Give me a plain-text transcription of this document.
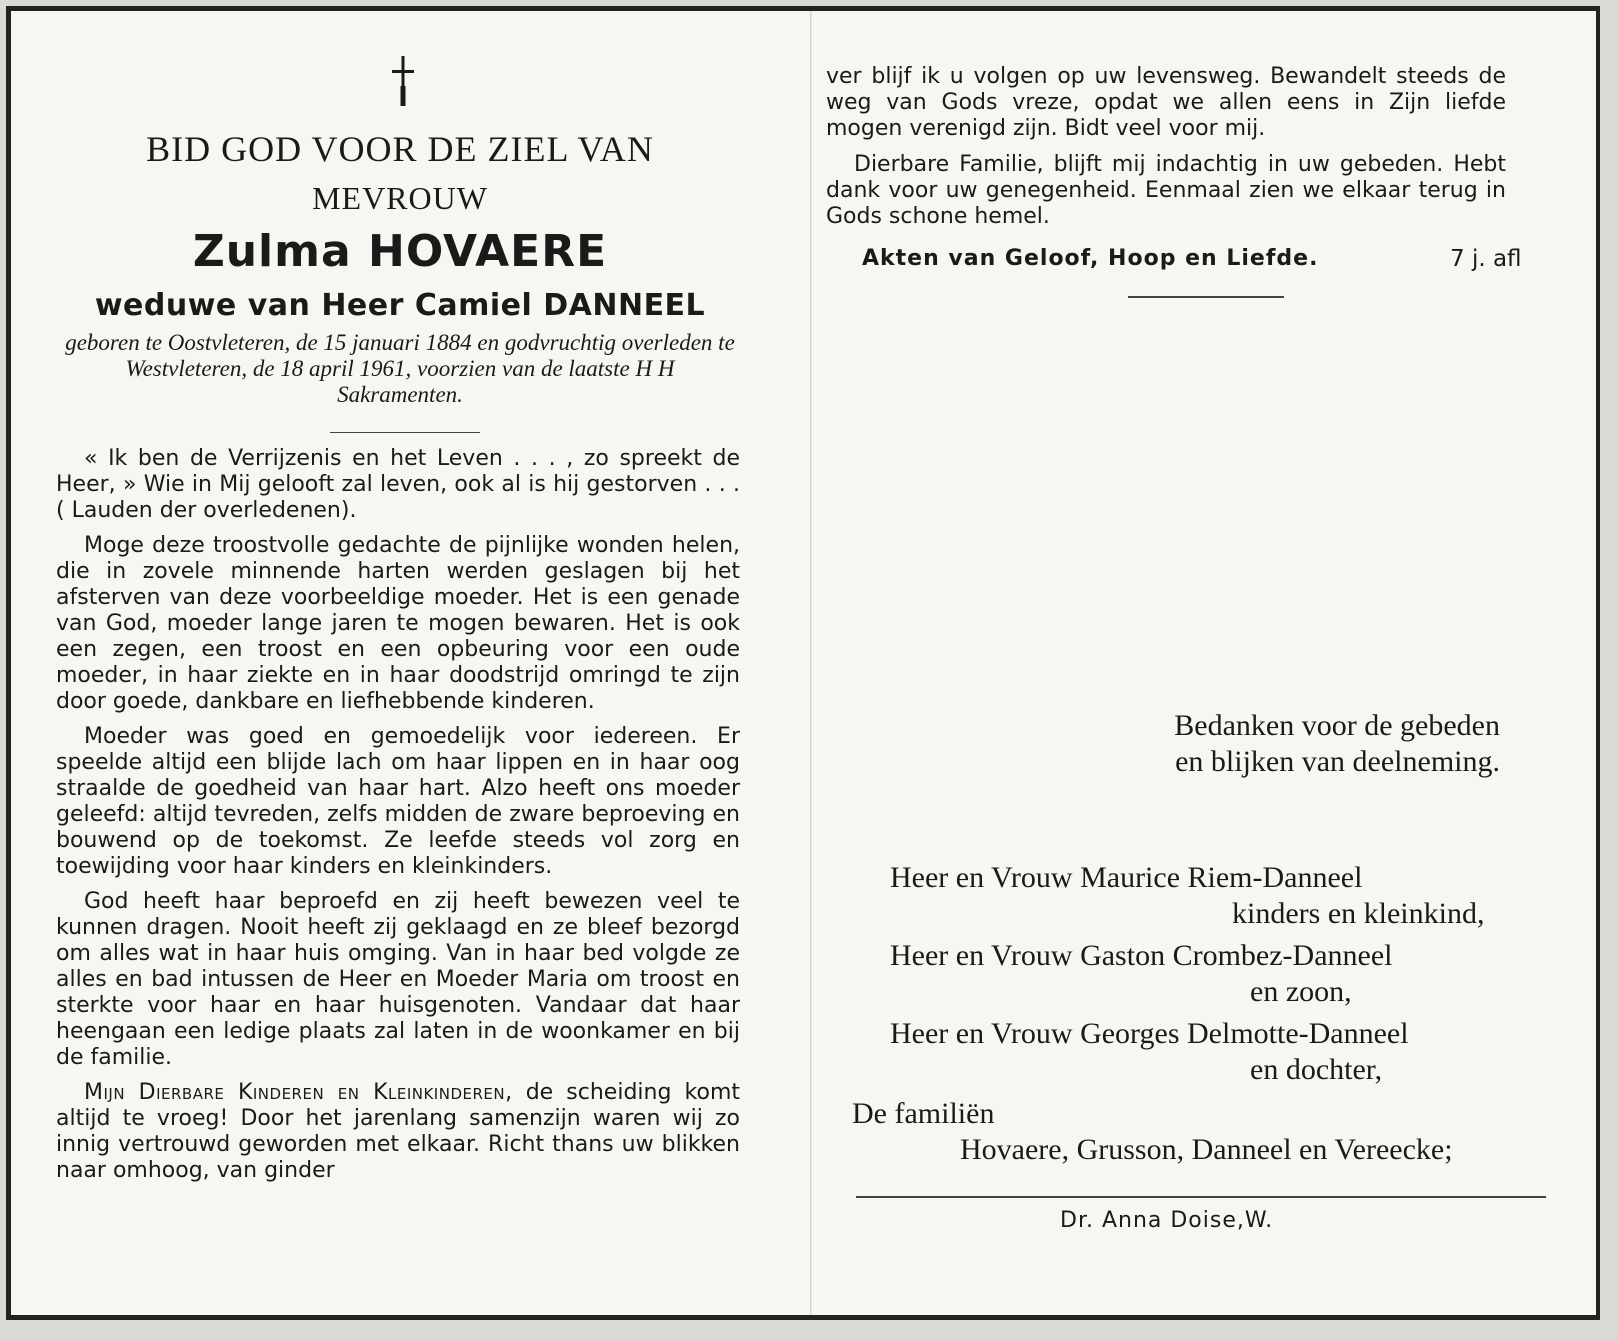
BID GOD VOOR DE ZIEL VAN
MEVROUW
Zulma HOVAERE
weduwe van Heer Camiel DANNEEL
geboren te Oostvleteren, de 15 januari 1884 en godvruchtig overleden te Westvleteren, de 18 april 1961, voorzien van de laatste H H Sakramenten.

« Ik ben de Verrijzenis en het Leven . . . , zo spreekt de Heer, » Wie in Mij gelooft zal leven, ook al is hij gestorven . . . ( Lauden der overledenen).

Moge deze troostvolle gedachte de pijnlijke wonden helen, die in zovele minnende harten werden geslagen bij het afsterven van deze voorbeeldige moeder. Het is een genade van God, moeder lange jaren te mogen bewaren. Het is ook een zegen, een troost en een opbeuring voor een oude moeder, in haar ziekte en in haar doodstrijd omringd te zijn door goede, dankbare en liefhebbende kinderen.

Moeder was goed en gemoedelijk voor iedereen. Er speelde altijd een blijde lach om haar lippen en in haar oog straalde de goedheid van haar hart. Alzo heeft ons moeder geleefd: altijd tevreden, zelfs midden de zware beproeving en bouwend op de toekomst. Ze leefde steeds vol zorg en toewijding voor haar kinders en kleinkinders.

God heeft haar beproefd en zij heeft bewezen veel te kunnen dragen. Nooit heeft zij geklaagd en ze bleef bezorgd om alles wat in haar huis omging. Van in haar bed volgde ze alles en bad intussen de Heer en Moeder Maria om troost en sterkte voor haar en haar huisgenoten. Vandaar dat haar heengaan een ledige plaats zal laten in de woonkamer en bij de familie.

Mijn Dierbare Kinderen en Kleinkinderen, de scheiding komt altijd te vroeg! Door het jarenlang samenzijn waren wij zo innig vertrouwd geworden met elkaar. Richt thans uw blikken naar omhoog, van ginder

ver blijf ik u volgen op uw levensweg. Bewandelt steeds de weg van Gods vreze, opdat we allen eens in Zijn liefde mogen verenigd zijn. Bidt veel voor mij.

Dierbare Familie, blijft mij indachtig in uw gebeden. Hebt dank voor uw genegenheid. Eenmaal zien we elkaar terug in Gods schone hemel.

Akten van Geloof, Hoop en Liefde.	7 j. afl
Bedanken voor de gebeden
en blijken van deelneming.
Heer en Vrouw Maurice Riem-Danneel
kinders en kleinkind,
Heer en Vrouw Gaston Crombez-Danneel
en zoon,
Heer en Vrouw Georges Delmotte-Danneel
en dochter,
De familiën
Hovaere, Grusson, Danneel en Vereecke;
Dr. Anna Doise,W.
